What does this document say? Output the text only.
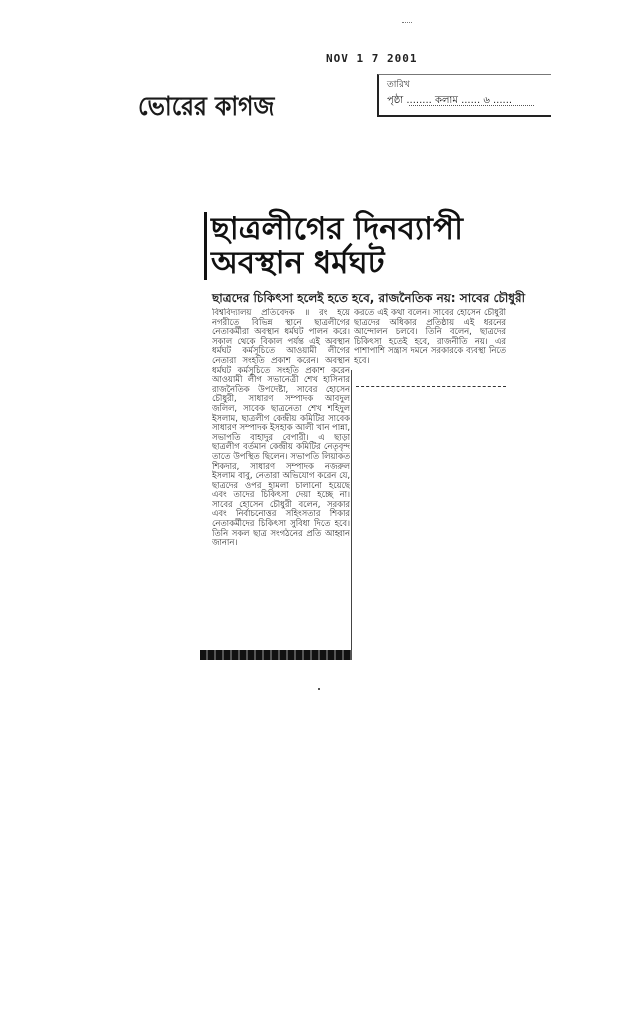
NOV 1 7 2001
ভোরের কাগজ
তারিখ
পৃষ্ঠা ........ কলাম ...... ৬ ......
ছাত্রলীগের দিনব্যাপী অবস্থান ধর্মঘট
ছাত্রদের চিকিৎসা হলেই হতে হবে, রাজনৈতিক নয়: সাবের চৌধুরী
বিশ্ববিদ্যালয় প্রতিবেদক ॥ রং হয়ে নগরীতে বিভিন্ন স্থানে ছাত্রলীগের নেতাকর্মীরা অবস্থান ধর্মঘট পালন করে। সকাল থেকে বিকাল পর্যন্ত এই অবস্থান ধর্মঘট কর্মসূচিতে আওয়ামী লীগের নেতারা সংহতি প্রকাশ করেন। অবস্থান ধর্মঘট কর্মসূচিতে সংহতি প্রকাশ করেন আওয়ামী লীগ সভানেত্রী শেখ হাসিনার রাজনৈতিক উপদেষ্টা, সাবের হোসেন চৌধুরী, সাধারণ সম্পাদক আবদুল জলিল, সাবেক ছাত্রনেতা শেখ শহিদুল ইসলাম, ছাত্রলীগ কেন্দ্রীয় কমিটির সাবেক সাধারণ সম্পাদক ইসহাক আলী খান পান্না, সভাপতি বাহাদুর বেপারী। এ ছাড়া ছাত্রলীগ বর্তমান কেন্দ্রীয় কমিটির নেতৃবৃন্দ তাতে উপস্থিত ছিলেন। সভাপতি লিয়াকত শিকদার, সাধারণ সম্পাদক নজরুল ইসলাম বাবু, নেতারা অভিযোগ করেন যে, ছাত্রদের ওপর হামলা চালানো হয়েছে এবং তাদের চিকিৎসা দেয়া হচ্ছে না। সাবের হোসেন চৌধুরী বলেন, সরকার এবং নির্বাচনোত্তর সহিংসতার শিকার নেতাকর্মীদের চিকিৎসা সুবিধা দিতে হবে। তিনি সকল ছাত্র সংগঠনের প্রতি আহ্বান জানান।
করতে এই কথা বলেন। সাবের হোসেন চৌধুরী ছাত্রদের অধিকার প্রতিষ্ঠায় এই ধরনের আন্দোলন চলবে। তিনি বলেন, ছাত্রদের চিকিৎসা হতেই হবে, রাজনীতি নয়। এর পাশাপাশি সন্ত্রাস দমনে সরকারকে ব্যবস্থা নিতে হবে।
